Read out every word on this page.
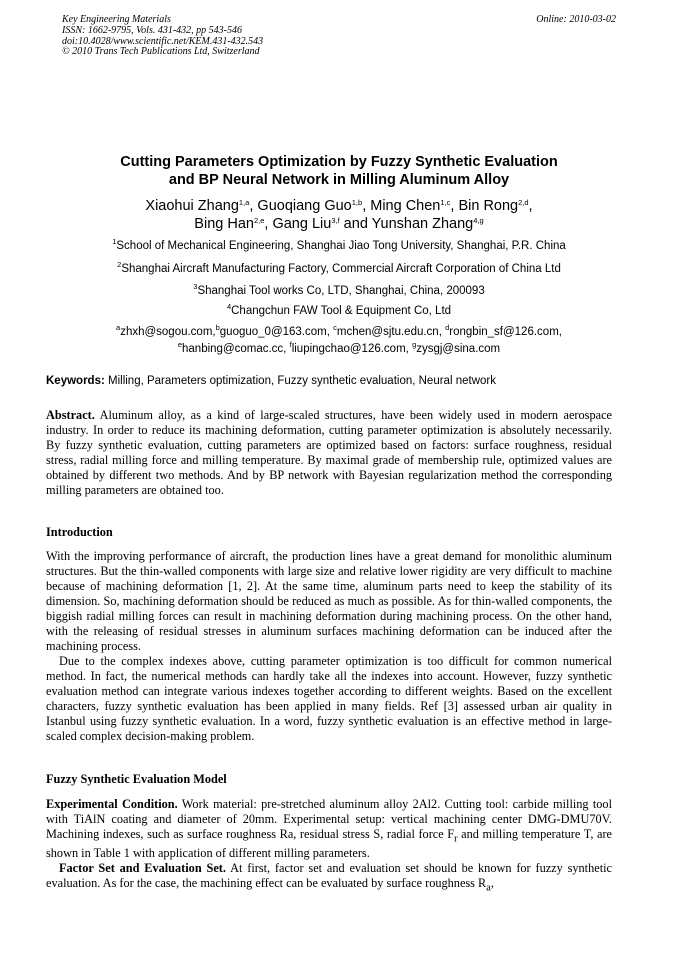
Key Engineering Materials
ISSN: 1662-9795, Vols. 431-432, pp 543-546
doi:10.4028/www.scientific.net/KEM.431-432.543
© 2010 Trans Tech Publications Ltd, Switzerland
Online: 2010-03-02
Cutting Parameters Optimization by Fuzzy Synthetic Evaluation
and BP Neural Network in Milling Aluminum Alloy
Xiaohui Zhang$^{1,a}$, Guoqiang Guo$^{1,b}$, Ming Chen$^{1,c}$, Bin Rong$^{2,d}$,
Bing Han$^{2,e}$, Gang Liu$^{3,f}$ and Yunshan Zhang$^{4,g}$
$^1$School of Mechanical Engineering, Shanghai Jiao Tong University, Shanghai, P.R. China
$^2$Shanghai Aircraft Manufacturing Factory, Commercial Aircraft Corporation of China Ltd
$^3$Shanghai Tool works Co, LTD, Shanghai, China, 200093
$^4$Changchun FAW Tool & Equipment Co, Ltd
$^a$zhxh@sogou.com,$^b$guoguo_0@163.com, $^c$mchen@sjtu.edu.cn, $^d$rongbin_sf@126.com,
$^e$hanbing@comac.cc, $^f$liupingchao@126.com, $^g$zysgj@sina.com
Keywords: Milling, Parameters optimization, Fuzzy synthetic evaluation, Neural network

Abstract. Aluminum alloy, as a kind of large-scaled structures, have been widely used in modern aerospace industry. In order to reduce its machining deformation, cutting parameter optimization is absolutely necessarily. By fuzzy synthetic evaluation, cutting parameters are optimized based on factors: surface roughness, residual stress, radial milling force and milling temperature. By maximal grade of membership rule, optimized values are obtained by different two methods. And by BP network with Bayesian regularization method the corresponding milling parameters are obtained too.

Introduction

With the improving performance of aircraft, the production lines have a great demand for monolithic aluminum structures. But the thin-walled components with large size and relative lower rigidity are very difficult to machine because of machining deformation [1, 2]. At the same time, aluminum parts need to keep the stability of its dimension. So, machining deformation should be reduced as much as possible. As for thin-walled components, the biggish radial milling forces can result in machining deformation during machining process. On the other hand, with the releasing of residual stresses in aluminum surfaces machining deformation can be induced after the machining process.

Due to the complex indexes above, cutting parameter optimization is too difficult for common numerical method. In fact, the numerical methods can hardly take all the indexes into account. However, fuzzy synthetic evaluation method can integrate various indexes together according to different weights. Based on the excellent characters, fuzzy synthetic evaluation has been applied in many fields. Ref [3] assessed urban air quality in Istanbul using fuzzy synthetic evaluation. In a word, fuzzy synthetic evaluation is an effective method in large-scaled complex decision-making problem.

Fuzzy Synthetic Evaluation Model

Experimental Condition. Work material: pre-stretched aluminum alloy 2Al2. Cutting tool: carbide milling tool with TiAlN coating and diameter of 20mm. Experimental setup: vertical machining center DMG-DMU70V. Machining indexes, such as surface roughness Ra, residual stress S, radial force $F_r$ and milling temperature T, are shown in Table 1 with application of different milling parameters.

Factor Set and Evaluation Set. At first, factor set and evaluation set should be known for fuzzy synthetic evaluation. As for the case, the machining effect can be evaluated by surface roughness $R_a$,
